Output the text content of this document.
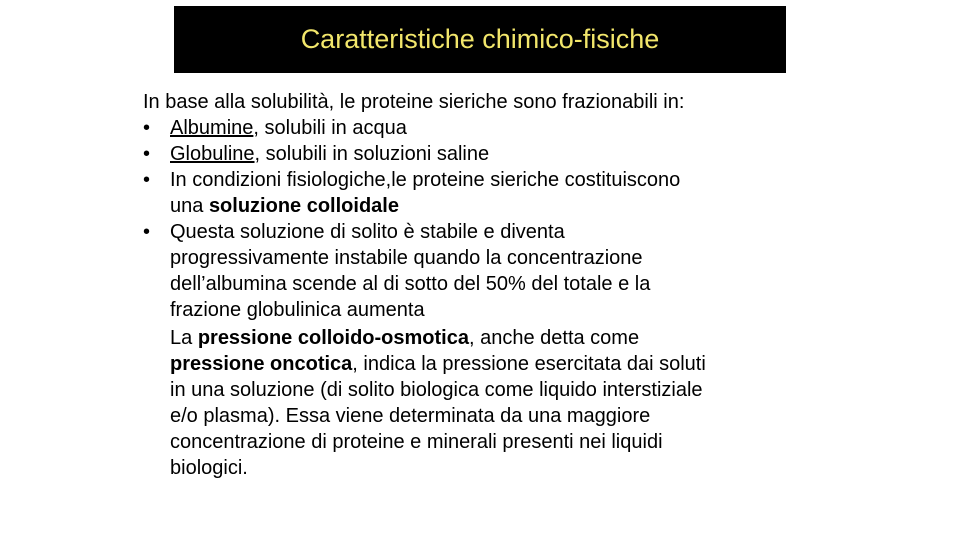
Caratteristiche chimico-fisiche

In base alla solubilità, le proteine sieriche sono frazionabili in:

• Albumine, solubili in acqua
• Globuline, solubili in soluzioni saline
• In condizioni fisiologiche,le proteine sieriche costituiscono
una soluzione colloidale
• Questa soluzione di solito è stabile e diventa
progressivamente instabile quando la concentrazione
dell’albumina scende al di sotto del 50% del totale e la
frazione globulinica aumenta
La pressione colloido-osmotica, anche detta come
pressione oncotica, indica la pressione esercitata dai soluti
in una soluzione (di solito biologica come liquido interstiziale
e/o plasma). Essa viene determinata da una maggiore
concentrazione di proteine e minerali presenti nei liquidi
biologici.
